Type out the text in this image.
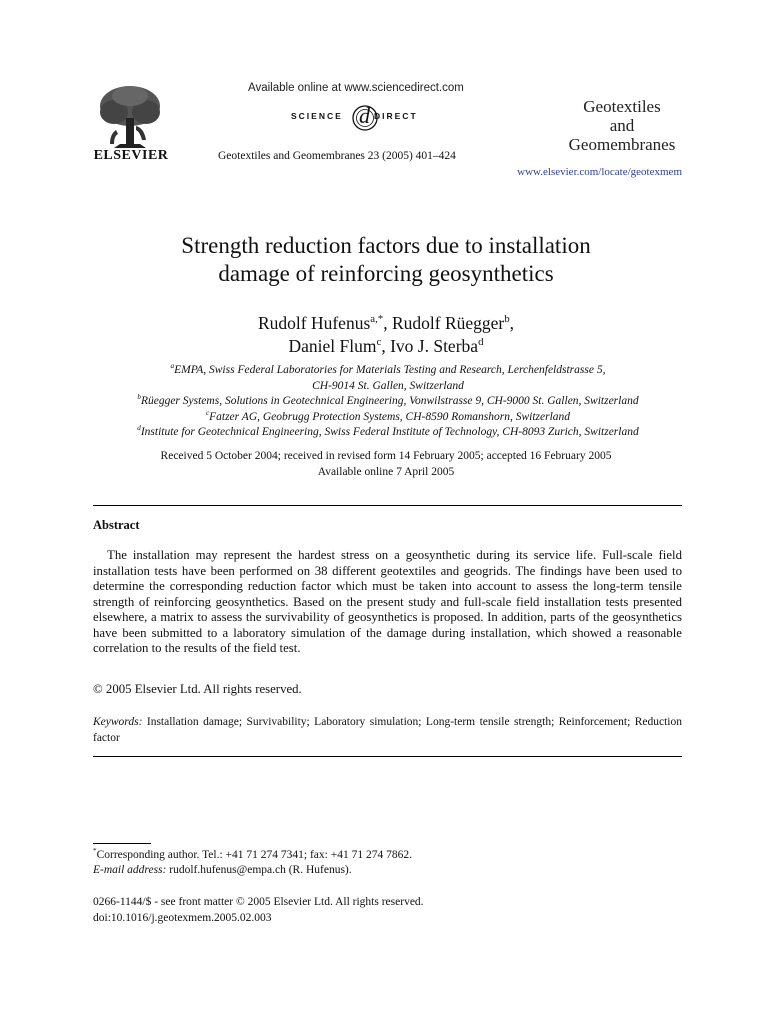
ELSEVIER
Available online at www.sciencedirect.com
SCIENCE d DIRECT
Geotextiles and Geomembranes 23 (2005) 401–424
Geotextiles
and
Geomembranes
www.elsevier.com/locate/geotexmem
Strength reduction factors due to installation
damage of reinforcing geosynthetics
Rudolf Hufenus$^{a,*}$, Rudolf Rüegger$^b$,
Daniel Flum$^c$, Ivo J. Sterba$^d$
$^a$EMPA, Swiss Federal Laboratories for Materials Testing and Research, Lerchenfeldstrasse 5,
CH-9014 St. Gallen, Switzerland
$^b$Rüegger Systems, Solutions in Geotechnical Engineering, Vonwilstrasse 9, CH-9000 St. Gallen, Switzerland
$^c$Fatzer AG, Geobrugg Protection Systems, CH-8590 Romanshorn, Switzerland
$^d$Institute for Geotechnical Engineering, Swiss Federal Institute of Technology, CH-8093 Zurich, Switzerland
Received 5 October 2004; received in revised form 14 February 2005; accepted 16 February 2005
Available online 7 April 2005
Abstract

The installation may represent the hardest stress on a geosynthetic during its service life. Full-scale field installation tests have been performed on 38 different geotextiles and geogrids. The findings have been used to determine the corresponding reduction factor which must be taken into account to assess the long-term tensile strength of reinforcing geosynthetics. Based on the present study and full-scale field installation tests presented elsewhere, a matrix to assess the survivability of geosynthetics is proposed. In addition, parts of the geosynthetics have been submitted to a laboratory simulation of the damage during installation, which showed a reasonable correlation to the results of the field test.

© 2005 Elsevier Ltd. All rights reserved.
Keywords: Installation damage; Survivability; Laboratory simulation; Long-term tensile strength; Reinforcement; Reduction factor
*Corresponding author. Tel.: +41 71 274 7341; fax: +41 71 274 7862.
E-mail address: rudolf.hufenus@empa.ch (R. Hufenus).
0266-1144/$ - see front matter © 2005 Elsevier Ltd. All rights reserved.
doi:10.1016/j.geotexmem.2005.02.003
